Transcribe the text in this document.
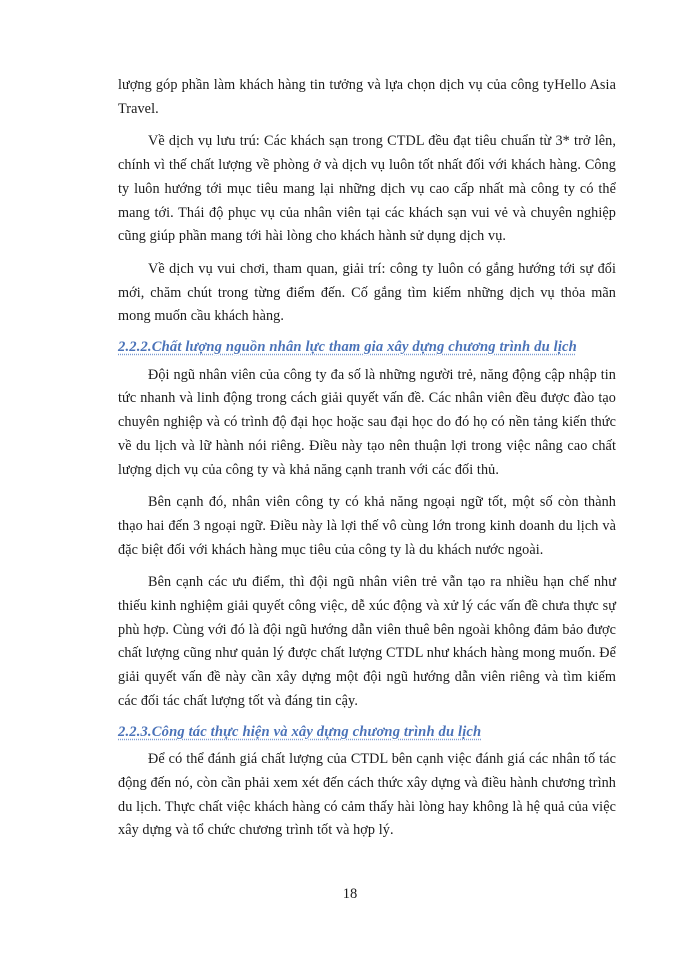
lượng góp phần làm khách hàng tin tưởng và lựa chọn dịch vụ của công tyHello Asia Travel.

Về dịch vụ lưu trú: Các khách sạn trong CTDL đều đạt tiêu chuẩn từ 3* trở lên, chính vì thế chất lượng về phòng ở và dịch vụ luôn tốt nhất đối với khách hàng. Công ty luôn hướng tới mục tiêu mang lại những dịch vụ cao cấp nhất mà công ty có thể mang tới. Thái độ phục vụ của nhân viên tại các khách sạn vui vẻ và chuyên nghiệp cũng giúp phần mang tới hài lòng cho khách hành sử dụng dịch vụ.

Về dịch vụ vui chơi, tham quan, giải trí: công ty luôn có gắng hướng tới sự đổi mới, chăm chút trong từng điểm đến. Cố gắng tìm kiếm những dịch vụ thỏa mãn mong muốn cầu khách hàng.

2.2.2.Chất lượng nguồn nhân lực tham gia xây dựng chương trình du lịch

Đội ngũ nhân viên của công ty đa số là những người trẻ, năng động cập nhập tin tức nhanh và linh động trong cách giải quyết vấn đề. Các nhân viên đều được đào tạo chuyên nghiệp và có trình độ đại học hoặc sau đại học do đó họ có nền tảng kiến thức về du lịch và lữ hành nói riêng. Điều này tạo nên thuận lợi trong việc nâng cao chất lượng dịch vụ của công ty và khả năng cạnh tranh với các đối thủ.

Bên cạnh đó, nhân viên công ty có khả năng ngoại ngữ tốt, một số còn thành thạo hai đến 3 ngoại ngữ. Điều này là lợi thế vô cùng lớn trong kinh doanh du lịch và đặc biệt đối với khách hàng mục tiêu của công ty là du khách nước ngoài.

Bên cạnh các ưu điểm, thì đội ngũ nhân viên trẻ vẫn tạo ra nhiều hạn chế như thiếu kinh nghiệm giải quyết công việc, dễ xúc động và xử lý các vấn đề chưa thực sự phù hợp. Cùng với đó là đội ngũ hướng dẫn viên thuê bên ngoài không đảm bảo được chất lượng cũng như quản lý được chất lượng CTDL như khách hàng mong muốn. Để giải quyết vấn đề này cần xây dựng một đội ngũ hướng dẫn viên riêng và tìm kiếm các đối tác chất lượng tốt và đáng tin cậy.

2.2.3.Công tác thực hiện và xây dựng chương trình du lịch

Để có thể đánh giá chất lượng của CTDL bên cạnh việc đánh giá các nhân tố tác động đến nó, còn cần phải xem xét đến cách thức xây dựng và điều hành chương trình du lịch. Thực chất việc khách hàng có cảm thấy hài lòng hay không là hệ quả của việc xây dựng và tổ chức chương trình tốt và hợp lý.

18
